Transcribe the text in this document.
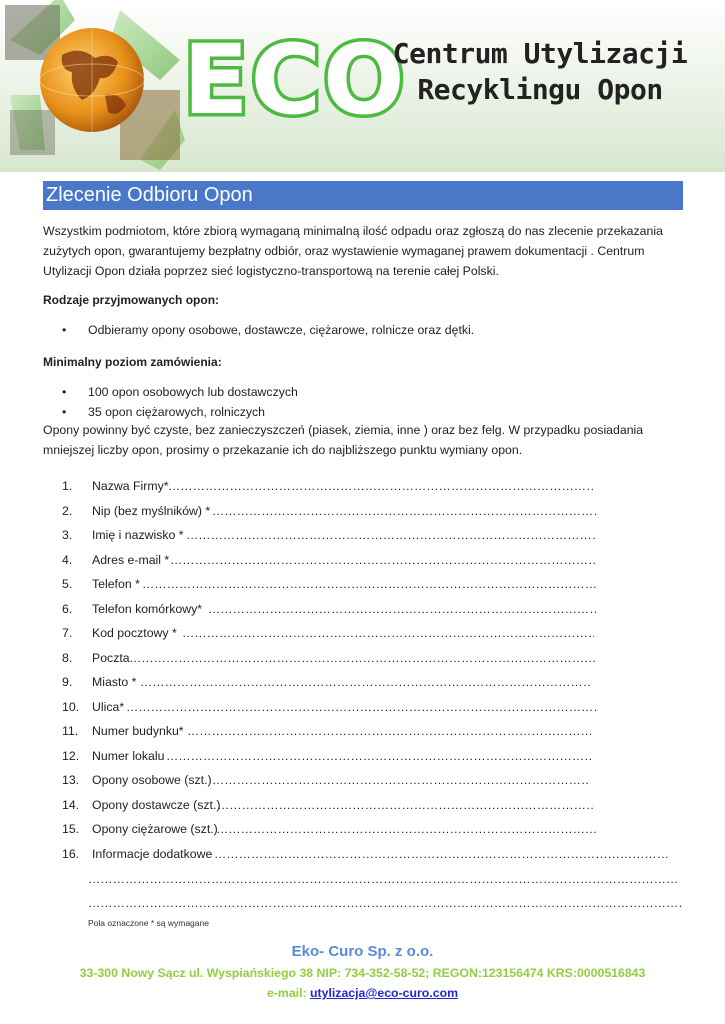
ECO
Centrum Utylizacji
Recyklingu Opon
Zlecenie Odbioru Opon

Wszystkim podmiotom, które zbiorą wymaganą minimalną ilość odpadu oraz zgłoszą do nas zlecenie przekazania zużytych opon, gwarantujemy bezpłatny odbiór, oraz wystawienie wymaganej prawem dokumentacji . Centrum Utylizacji Opon działa poprzez sieć logistyczno-transportową na terenie całej Polski.

Rodzaje przyjmowanych opon:

• Odbieramy opony osobowe, dostawcze, ciężarowe, rolnicze oraz dętki.

Minimalny poziom zamówienia:

• 100 opon osobowych lub dostawczych
• 35 opon ciężarowych, rolniczych

Opony powinny być czyste, bez zanieczyszczeń (piasek, ziemia, inne ) oraz bez felg. W przypadku posiadania mniejszej liczby opon, prosimy o przekazanie ich do najbliższego punktu wymiany opon.

1.	Nazwa Firmy*
…………………………………………………………………………………………………………………………………………………………………………………
2.	Nip (bez myślników) *
…………………………………………………………………………………………………………………………………………………………………………………
3.	Imię i nazwisko *
…………………………………………………………………………………………………………………………………………………………………………………
4.	Adres e-mail *
…………………………………………………………………………………………………………………………………………………………………………………
5.	Telefon *
…………………………………………………………………………………………………………………………………………………………………………………
6.	Telefon komórkowy*
…………………………………………………………………………………………………………………………………………………………………………………
7.	Kod pocztowy *
…………………………………………………………………………………………………………………………………………………………………………………
8.	Poczta
…………………………………………………………………………………………………………………………………………………………………………………
9.	Miasto *
…………………………………………………………………………………………………………………………………………………………………………………
10.	Ulica*
…………………………………………………………………………………………………………………………………………………………………………………
11.	Numer budynku*
…………………………………………………………………………………………………………………………………………………………………………………
12.	Numer lokalu
…………………………………………………………………………………………………………………………………………………………………………………
13.	Opony osobowe (szt.)
…………………………………………………………………………………………………………………………………………………………………………………
14.	Opony dostawcze (szt.)
…………………………………………………………………………………………………………………………………………………………………………………
15.	Opony ciężarowe (szt.)
…………………………………………………………………………………………………………………………………………………………………………………
16.	Informacje dodatkowe
…………………………………………………………………………………………………………………………………………………………………………………
………………………………………………………………………………………………………………………………………………………………………………………………………
………………………………………………………………………………………………………………………………………………………………………………………………………
Pola oznaczone * są wymagane
Eko- Curo Sp. z o.o.
33-300 Nowy Sącz ul. Wyspiańskiego 38 NIP: 734-352-58-52; REGON:123156474 KRS:0000516843
e-mail: utylizacja@eco-curo.com
